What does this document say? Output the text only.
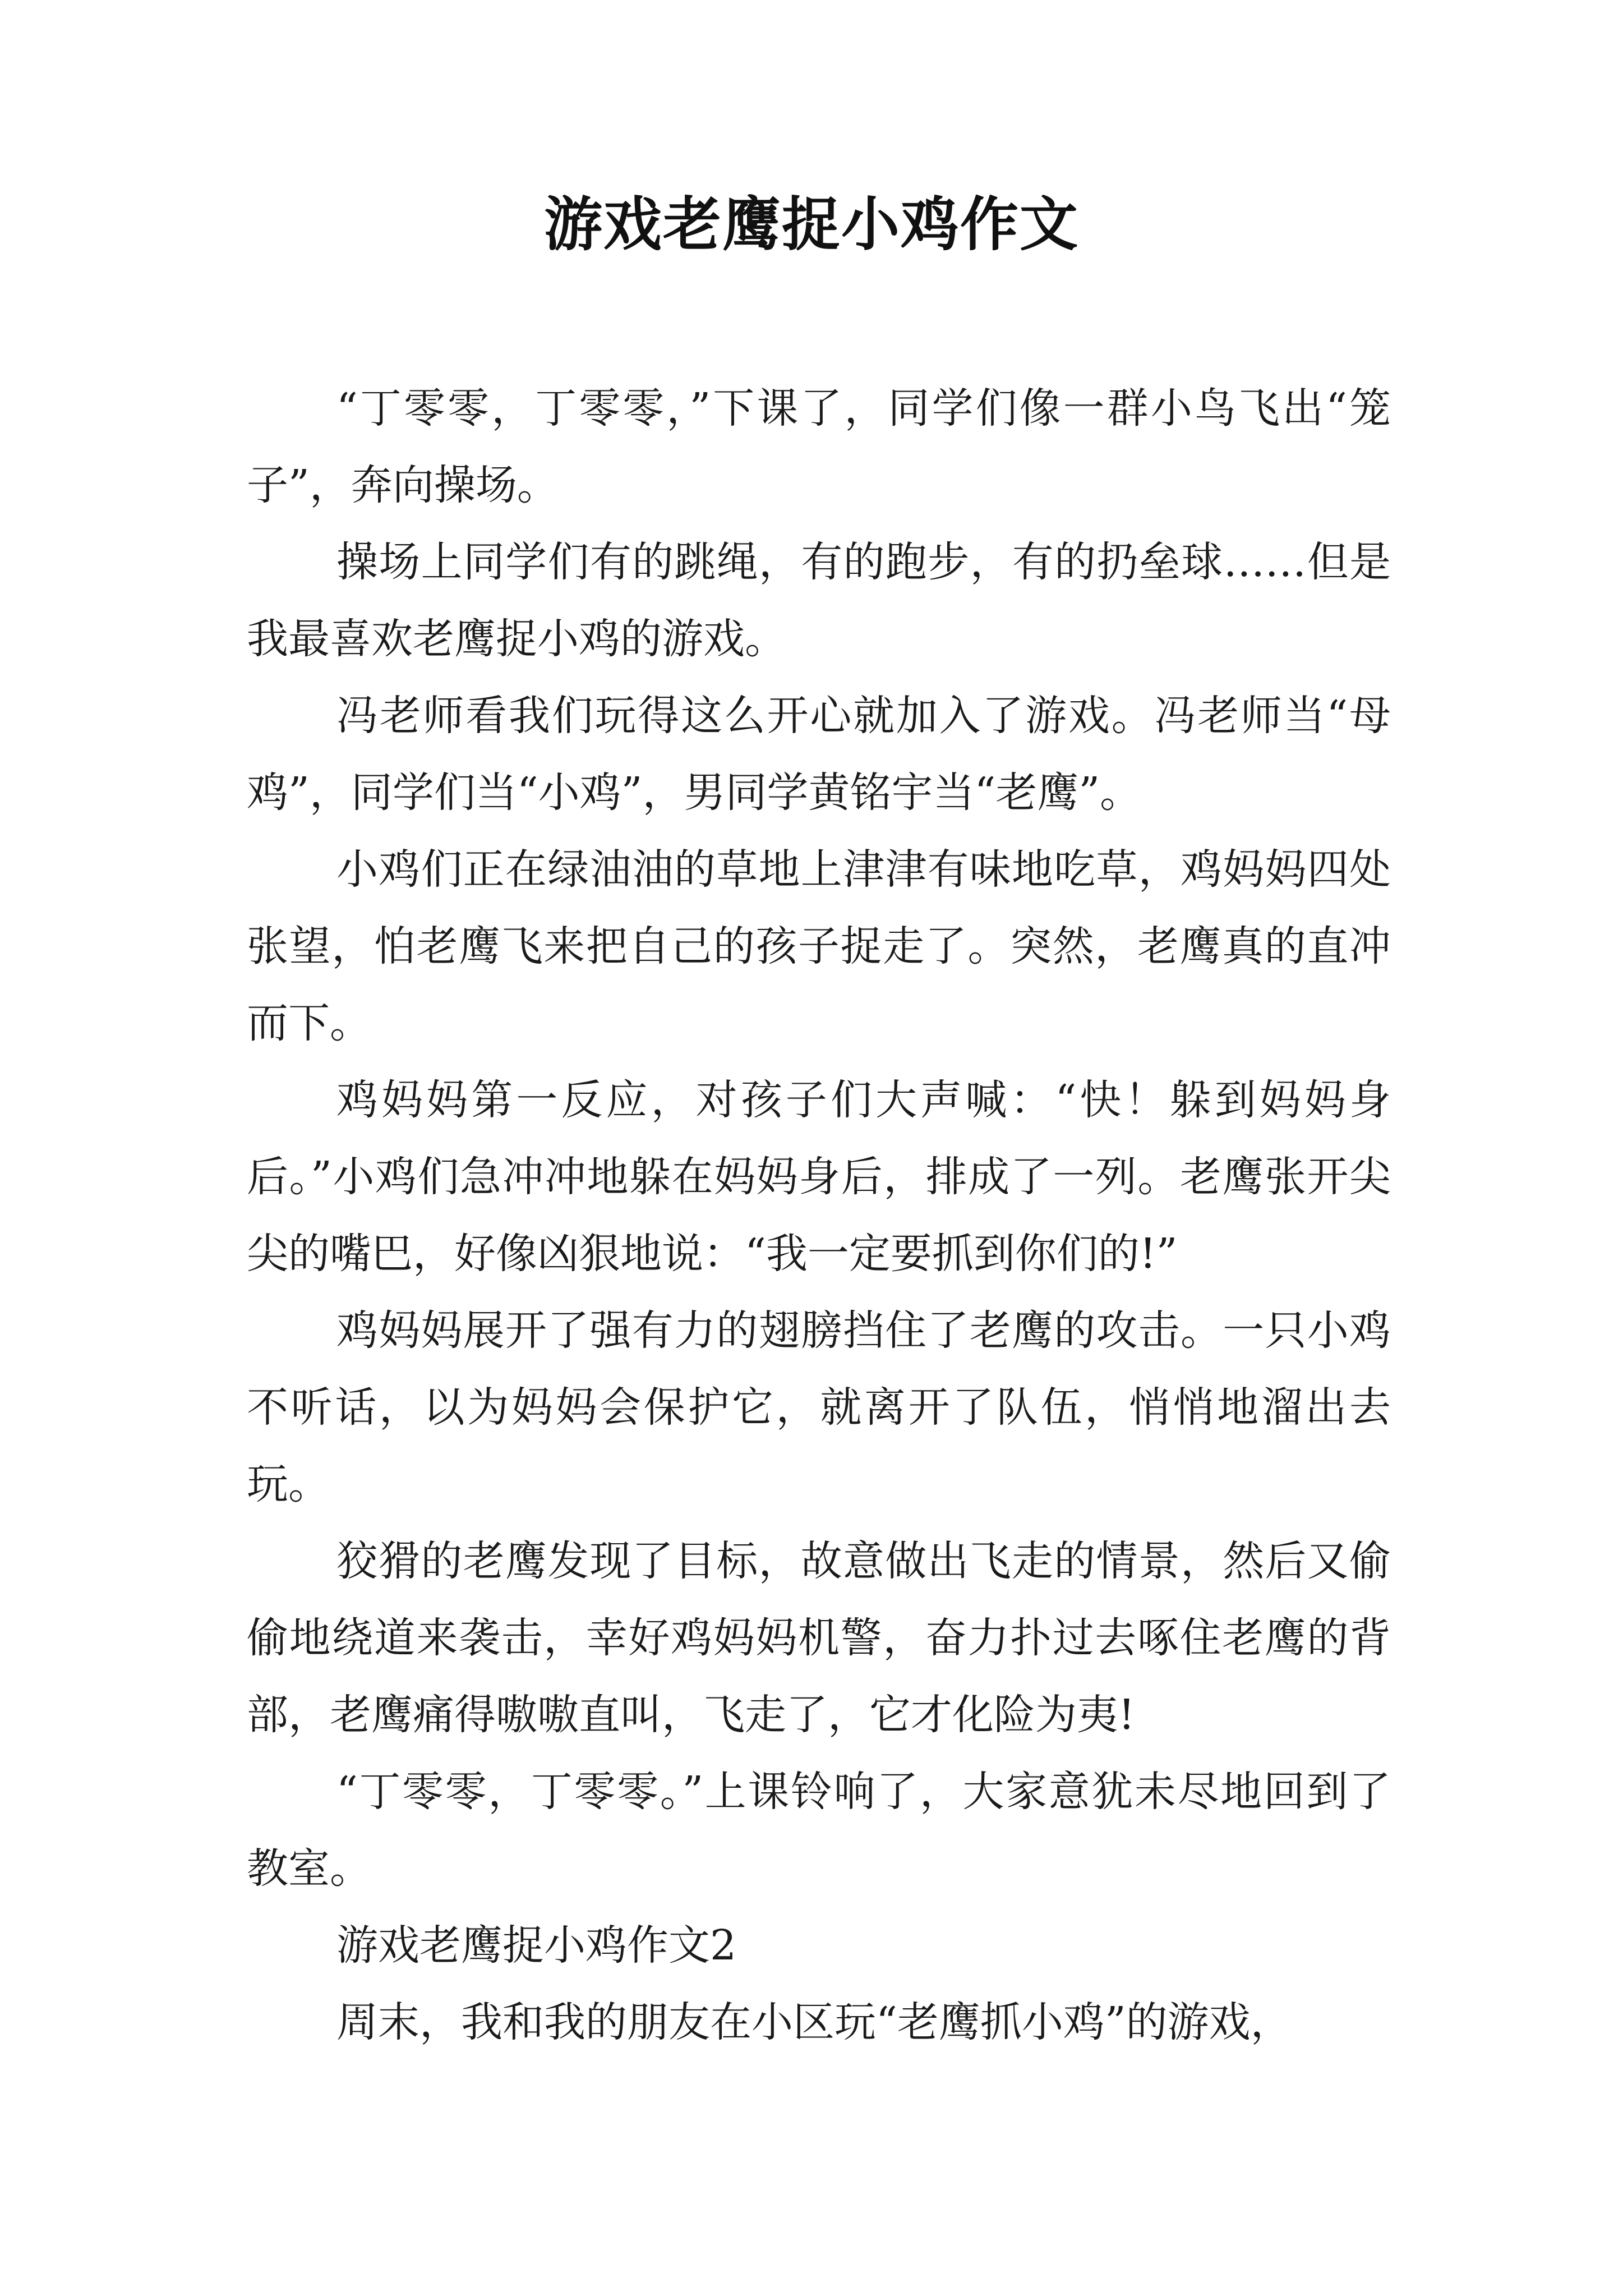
游戏老鹰捉小鸡作文

“丁零零，丁零零，”下课了，同学们像一群小鸟飞出“笼子”，奔向操场。

操场上同学们有的跳绳，有的跑步，有的扔垒球……但是我最喜欢老鹰捉小鸡的游戏。

冯老师看我们玩得这么开心就加入了游戏。冯老师当“母鸡”，同学们当“小鸡”，男同学黄铭宇当“老鹰”。

小鸡们正在绿油油的草地上津津有味地吃草，鸡妈妈四处张望，怕老鹰飞来把自己的孩子捉走了。突然，老鹰真的直冲而下。

鸡妈妈第一反应，对孩子们大声喊：“快！躲到妈妈身后。”小鸡们急冲冲地躲在妈妈身后，排成了一列。老鹰张开尖尖的嘴巴，好像凶狠地说：“我一定要抓到你们的!”

鸡妈妈展开了强有力的翅膀挡住了老鹰的攻击。一只小鸡不听话，以为妈妈会保护它，就离开了队伍，悄悄地溜出去玩。

狡猾的老鹰发现了目标，故意做出飞走的情景，然后又偷偷地绕道来袭击，幸好鸡妈妈机警，奋力扑过去啄住老鹰的背部，老鹰痛得嗷嗷直叫，飞走了，它才化险为夷!

“丁零零，丁零零。”上课铃响了，大家意犹未尽地回到了教室。

游戏老鹰捉小鸡作文2

周末，我和我的朋友在小区玩“老鹰抓小鸡”的游戏，
